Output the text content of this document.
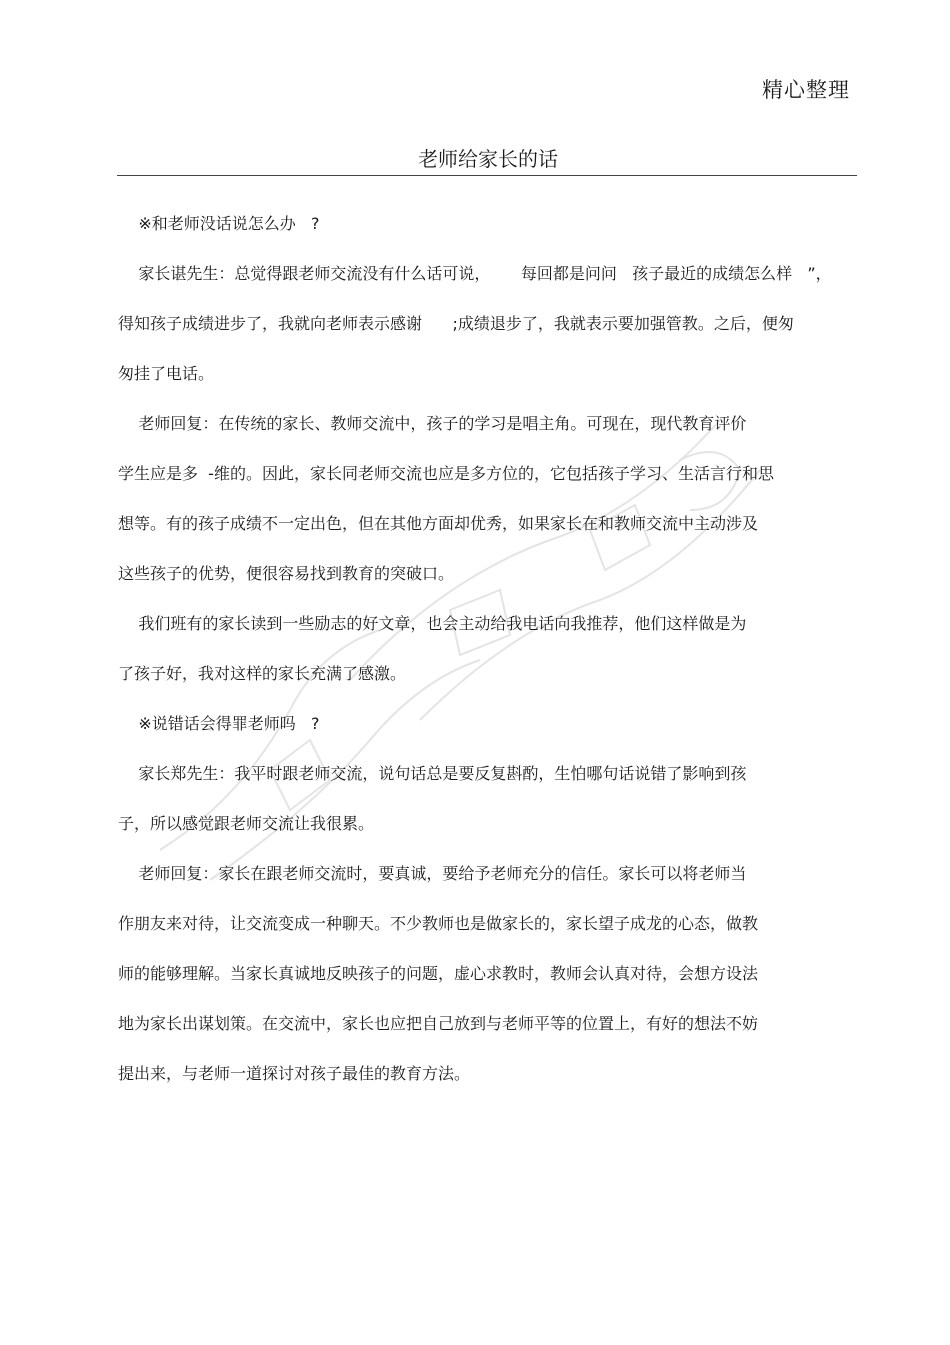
精心整理
老师给家长的话
※和老师没话说怎么办   ?
家长谌先生：总觉得跟老师交流没有什么话可说，      每回都是问问   孩子最近的成绩怎么样   ”，
得知孩子成绩进步了，我就向老师表示感谢      ;成绩退步了，我就表示要加强管教。之后，便匆
匆挂了电话。
老师回复：在传统的家长、教师交流中，孩子的学习是唱主角。可现在，现代教育评价
学生应是多  -维的。因此，家长同老师交流也应是多方位的，它包括孩子学习、生活言行和思
想等。有的孩子成绩不一定出色，但在其他方面却优秀，如果家长在和教师交流中主动涉及
这些孩子的优势，便很容易找到教育的突破口。
我们班有的家长读到一些励志的好文章，也会主动给我电话向我推荐，他们这样做是为
了孩子好，我对这样的家长充满了感激。
※说错话会得罪老师吗   ?
家长郑先生：我平时跟老师交流，说句话总是要反复斟酌，生怕哪句话说错了影响到孩
子，所以感觉跟老师交流让我很累。
老师回复：家长在跟老师交流时，要真诚，要给予老师充分的信任。家长可以将老师当
作朋友来对待，让交流变成一种聊天。不少教师也是做家长的，家长望子成龙的心态，做教
师的能够理解。当家长真诚地反映孩子的问题，虚心求教时，教师会认真对待，会想方设法
地为家长出谋划策。在交流中，家长也应把自己放到与老师平等的位置上，有好的想法不妨
提出来，与老师一道探讨对孩子最佳的教育方法。
